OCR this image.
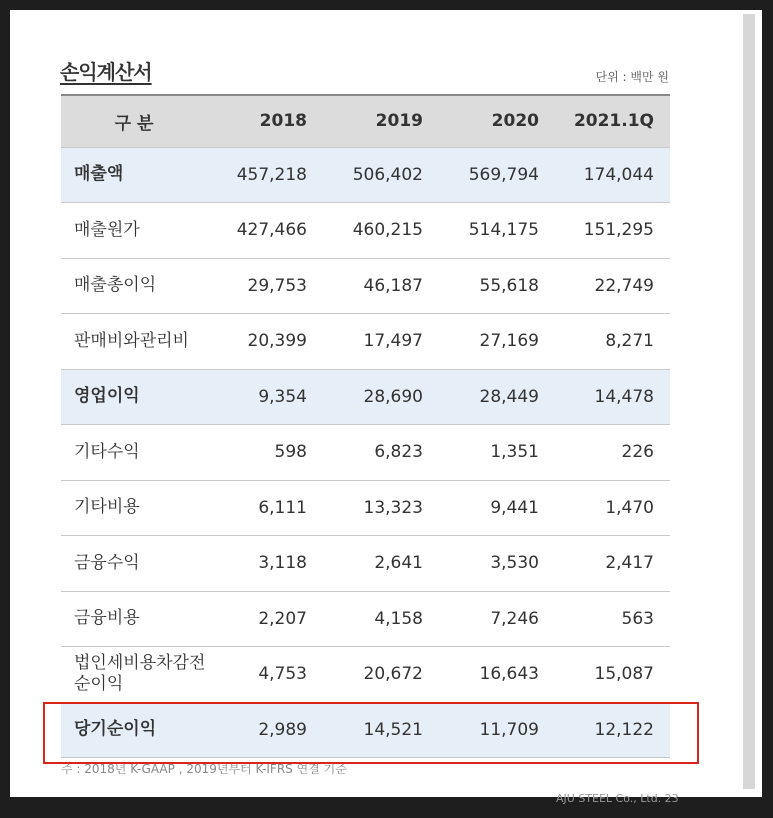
손익계산서	단위 : 백만 원
구 분	2018	2019	2020	2021.1Q
매출액	457,218	506,402	569,794	174,044
매출원가	427,466	460,215	514,175	151,295
매출총이익	29,753	46,187	55,618	22,749
판매비와관리비	20,399	17,497	27,169	8,271
영업이익	9,354	28,690	28,449	14,478
기타수익	598	6,823	1,351	226
기타비용	6,111	13,323	9,441	1,470
금융수익	3,118	2,641	3,530	2,417
금융비용	2,207	4,158	7,246	563
법인세비용차감전 순이익	4,753	20,672	16,643	15,087
당기순이익	2,989	14,521	11,709	12,122
주 : 2018년 K-GAAP , 2019년부터 K-IFRS 연결 기준
AJU STEEL Co., Ltd. 23
